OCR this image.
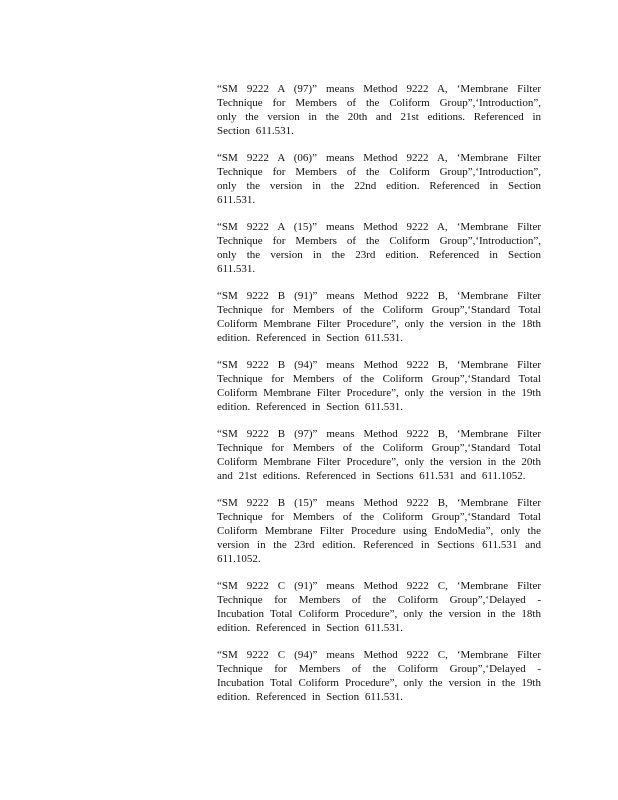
“SM 9222 A (97)” means Method 9222 A, ‘Membrane Filter Technique for Members of the Coliform Group”,‘Introduction”, only the version in the 20th and 21st editions. Referenced in Section 611.531.

“SM 9222 A (06)” means Method 9222 A, ‘Membrane Filter Technique for Members of the Coliform Group”,‘Introduction”, only the version in the 22nd edition. Referenced in Section 611.531.

“SM 9222 A (15)” means Method 9222 A, ‘Membrane Filter Technique for Members of the Coliform Group”,‘Introduction”, only the version in the 23rd edition. Referenced in Section 611.531.

“SM 9222 B (91)” means Method 9222 B, ‘Membrane Filter Technique for Members of the Coliform Group”,‘Standard Total Coliform Membrane Filter Procedure”, only the version in the 18th edition. Referenced in Section 611.531.

“SM 9222 B (94)” means Method 9222 B, ‘Membrane Filter Technique for Members of the Coliform Group”,‘Standard Total Coliform Membrane Filter Procedure”, only the version in the 19th edition. Referenced in Section 611.531.

“SM 9222 B (97)” means Method 9222 B, ‘Membrane Filter Technique for Members of the Coliform Group”,‘Standard Total Coliform Membrane Filter Procedure”, only the version in the 20th and 21st editions. Referenced in Sections 611.531 and 611.1052.

“SM 9222 B (15)” means Method 9222 B, ‘Membrane Filter Technique for Members of the Coliform Group”,‘Standard Total Coliform Membrane Filter Procedure using EndoMedia”, only the version in the 23rd edition. Referenced in Sections 611.531 and 611.1052.

“SM 9222 C (91)” means Method 9222 C, ‘Membrane Filter Technique for Members of the Coliform Group”,‘Delayed - Incubation Total Coliform Procedure”, only the version in the 18th edition. Referenced in Section 611.531.

“SM 9222 C (94)” means Method 9222 C, ‘Membrane Filter Technique for Members of the Coliform Group”,‘Delayed - Incubation Total Coliform Procedure”, only the version in the 19th edition. Referenced in Section 611.531.
